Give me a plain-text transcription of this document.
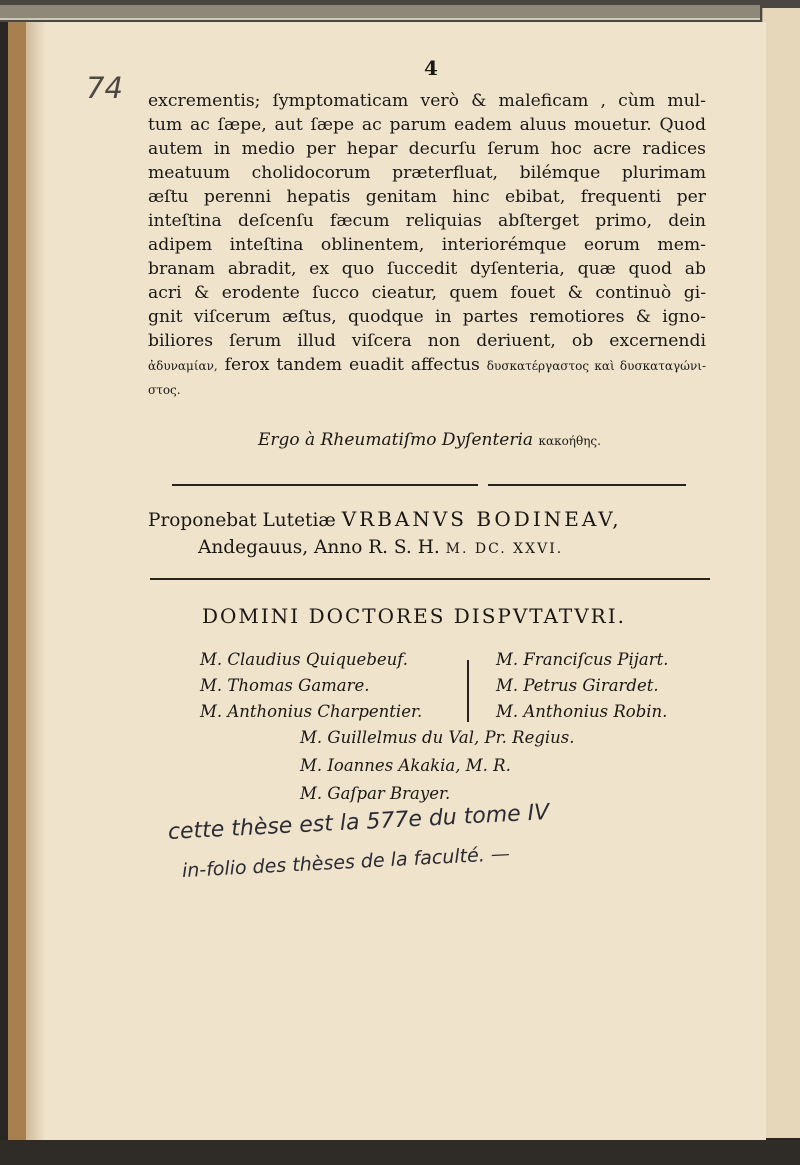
4
74 excrementis; ſymptomaticam verò & maleficam , cùm mul-
tum ac ſæpe, aut ſæpe ac parum eadem aluus mouetur. Quod
autem in medio per hepar decurſu ſerum hoc acre radices
meatuum cholidocorum præterfluat, bilémque plurimam
æſtu perenni hepatis genitam hinc ebibat, frequenti per
inteſtina deſcenſu fæcum reliquias abſterget primo, dein
adipem inteſtina oblinentem, interiorémque eorum mem-
branam abradit, ex quo ſuccedit dyſenteria, quæ quod ab
acri & erodente ſucco cieatur, quem fouet & continuò gi-
gnit viſcerum æſtus, quodque in partes remotiores & igno-
biliores ſerum illud viſcera non deriuent, ob excernendi
ἀδυναμίαν, ferox tandem euadit affectus δυσκατέργαστος καὶ δυσκαταγώνι-
στος.
Ergo à Rheumatiſmo Dyſenteria κακοήθης.
Proponebat Lutetiæ VRBANVS BODINEAV,
Andegauus, Anno R. S. H. M. DC. XXVI.
DOMINI DOCTORES DISPVTATVRI.
M. Claudius Quiquebeuf.
M. Thomas Gamare.
M. Anthonius Charpentier.
M. Franciſcus Pijart.
M. Petrus Girardet.
M. Anthonius Robin.
M. Guillelmus du Val, Pr. Regius.
M. Ioannes Akakia, M. R.
M. Gaſpar Brayer.
cette thèse est la 577e du tome IV
in-folio des thèses de la faculté. —
